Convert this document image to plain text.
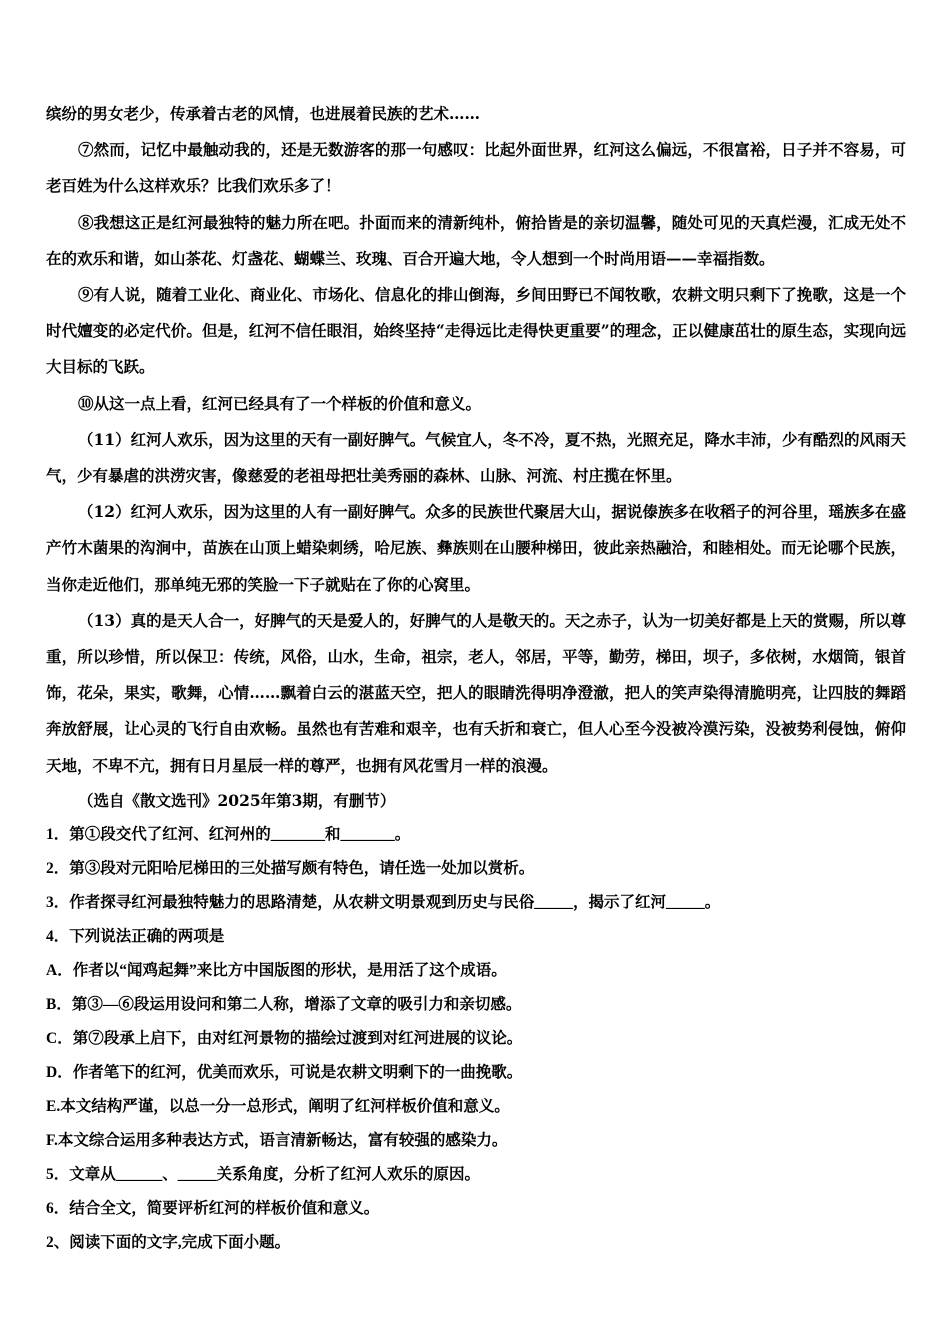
缤纷的男女老少，传承着古老的风情，也进展着民族的艺术……

⑦然而，记忆中最触动我的，还是无数游客的那一句感叹：比起外面世界，红河这么偏远，不很富裕，日子并不容易，可老百姓为什么这样欢乐？比我们欢乐多了！

⑧我想这正是红河最独特的魅力所在吧。扑面而来的清新纯朴，俯拾皆是的亲切温馨，随处可见的天真烂漫，汇成无处不在的欢乐和谐，如山茶花、灯盏花、蝴蝶兰、玫瑰、百合开遍大地，令人想到一个时尚用语——幸福指数。

⑨有人说，随着工业化、商业化、市场化、信息化的排山倒海，乡间田野已不闻牧歌，农耕文明只剩下了挽歌，这是一个时代嬗变的必定代价。但是，红河不信任眼泪，始终坚持“走得远比走得快更重要”的理念，正以健康茁壮的原生态，实现向远大目标的飞跃。

⑩从这一点上看，红河已经具有了一个样板的价值和意义。

（11）红河人欢乐，因为这里的天有一副好脾气。气候宜人，冬不冷，夏不热，光照充足，降水丰沛，少有酷烈的风雨天气，少有暴虐的洪涝灾害，像慈爱的老祖母把壮美秀丽的森林、山脉、河流、村庄揽在怀里。

（12）红河人欢乐，因为这里的人有一副好脾气。众多的民族世代聚居大山，据说傣族多在收稻子的河谷里，瑶族多在盛产竹木菌果的沟涧中，苗族在山顶上蜡染刺绣，哈尼族、彝族则在山腰种梯田，彼此亲热融洽，和睦相处。而无论哪个民族，当你走近他们，那单纯无邪的笑脸一下子就贴在了你的心窝里。

（13）真的是天人合一，好脾气的天是爱人的，好脾气的人是敬天的。天之赤子，认为一切美好都是上天的赏赐，所以尊重，所以珍惜，所以保卫：传统，风俗，山水，生命，祖宗，老人，邻居，平等，勤劳，梯田，坝子，多依树，水烟筒，银首饰，花朵，果实，歌舞，心情……飘着白云的湛蓝天空，把人的眼睛洗得明净澄澈，把人的笑声染得清脆明亮，让四肢的舞蹈奔放舒展，让心灵的飞行自由欢畅。虽然也有苦难和艰辛，也有夭折和衰亡，但人心至今没被冷漠污染，没被势利侵蚀，俯仰天地，不卑不亢，拥有日月星辰一样的尊严，也拥有风花雪月一样的浪漫。

（选自《散文选刊》2025年第3期，有删节）

1．第①段交代了红河、红河州的_______和_______。

2．第③段对元阳哈尼梯田的三处描写颇有特色，请任选一处加以赏析。

3．作者探寻红河最独特魅力的思路清楚，从农耕文明景观到历史与民俗_____，揭示了红河_____。

4．下列说法正确的两项是

A．作者以“闻鸡起舞”来比方中国版图的形状，是用活了这个成语。

B．第③—⑥段运用设问和第二人称，增添了文章的吸引力和亲切感。

C．第⑦段承上启下，由对红河景物的描绘过渡到对红河进展的议论。

D．作者笔下的红河，优美而欢乐，可说是农耕文明剩下的一曲挽歌。

E.本文结构严谨，以总一分一总形式，阐明了红河样板价值和意义。

F.本文综合运用多种表达方式，语言清新畅达，富有较强的感染力。

5．文章从______、_____关系角度，分析了红河人欢乐的原因。

6．结合全文，简要评析红河的样板价值和意义。

2、阅读下面的文字,完成下面小题。
